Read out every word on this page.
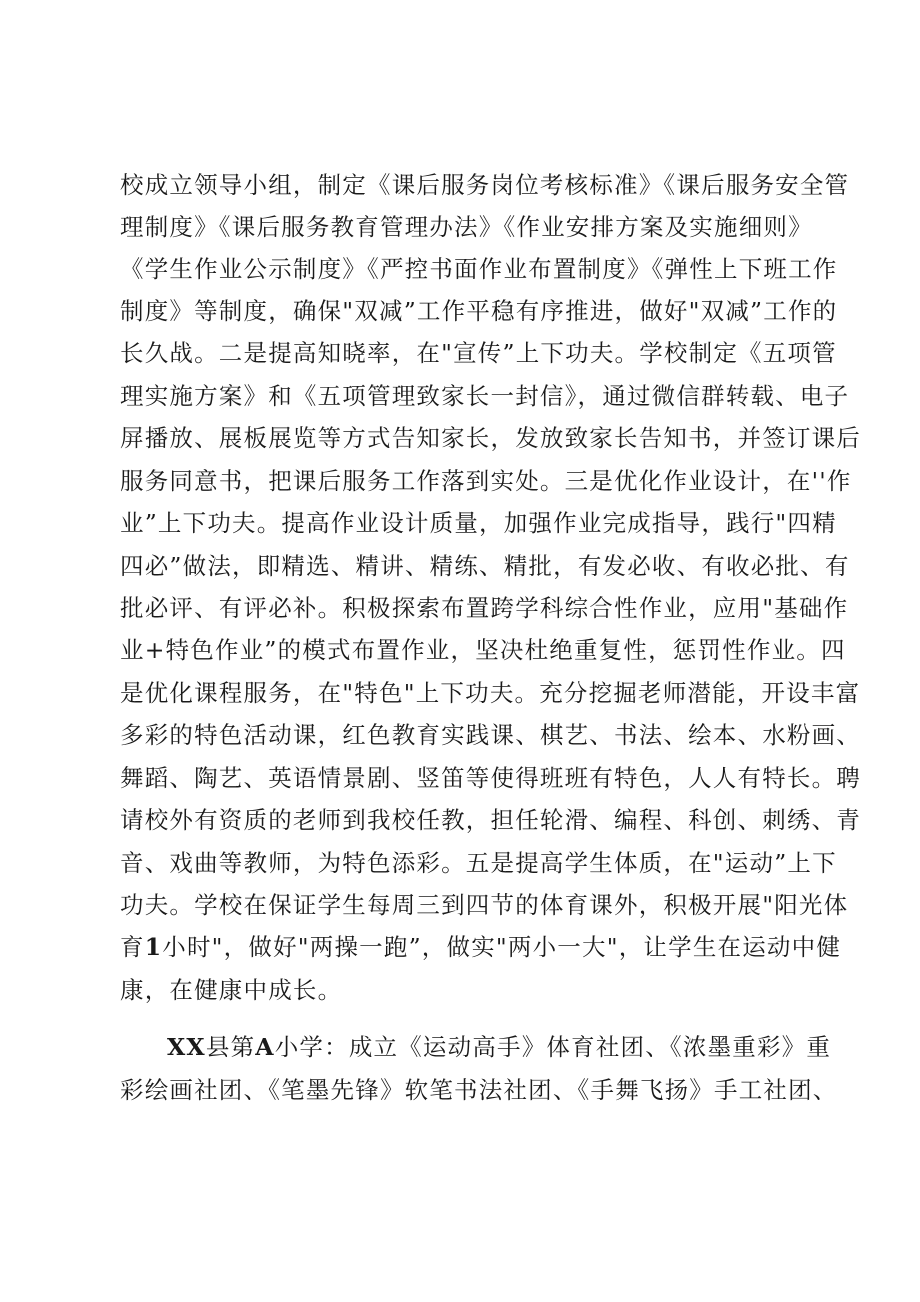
校成立领导小组，制定《课后服务岗位考核标准》《课后服务安全管
理制度》《课后服务教育管理办法》《作业安排方案及实施细则》
《学生作业公示制度》《严控书面作业布置制度》《弹性上下班工作
制度》等制度，确保"双减”工作平稳有序推进，做好"双减”工作的
长久战。二是提高知晓率，在"宣传”上下功夫。学校制定《五项管
理实施方案》和《五项管理致家长一封信》，通过微信群转载、电子
屏播放、展板展览等方式告知家长，发放致家长告知书，并签订课后
服务同意书，把课后服务工作落到实处。三是优化作业设计，在''作
业”上下功夫。提高作业设计质量，加强作业完成指导，践行"四精
四必”做法，即精选、精讲、精练、精批，有发必收、有收必批、有
批必评、有评必补。积极探索布置跨学科综合性作业，应用"基础作
业+特色作业”的模式布置作业，坚决杜绝重复性，惩罚性作业。四
是优化课程服务，在"特色"上下功夫。充分挖掘老师潜能，开设丰富
多彩的特色活动课，红色教育实践课、棋艺、书法、绘本、水粉画、
舞蹈、陶艺、英语情景剧、竖笛等使得班班有特色，人人有特长。聘
请校外有资质的老师到我校任教，担任轮滑、编程、科创、刺绣、青
音、戏曲等教师，为特色添彩。五是提高学生体质，在"运动”上下
功夫。学校在保证学生每周三到四节的体育课外，积极开展"阳光体
育1小时"，做好"两操一跑”，做实"两小一大"，让学生在运动中健
康，在健康中成长。
XX县第A小学：成立《运动高手》体育社团、《浓墨重彩》重
彩绘画社团、《笔墨先锋》软笔书法社团、《手舞飞扬》手工社团、
